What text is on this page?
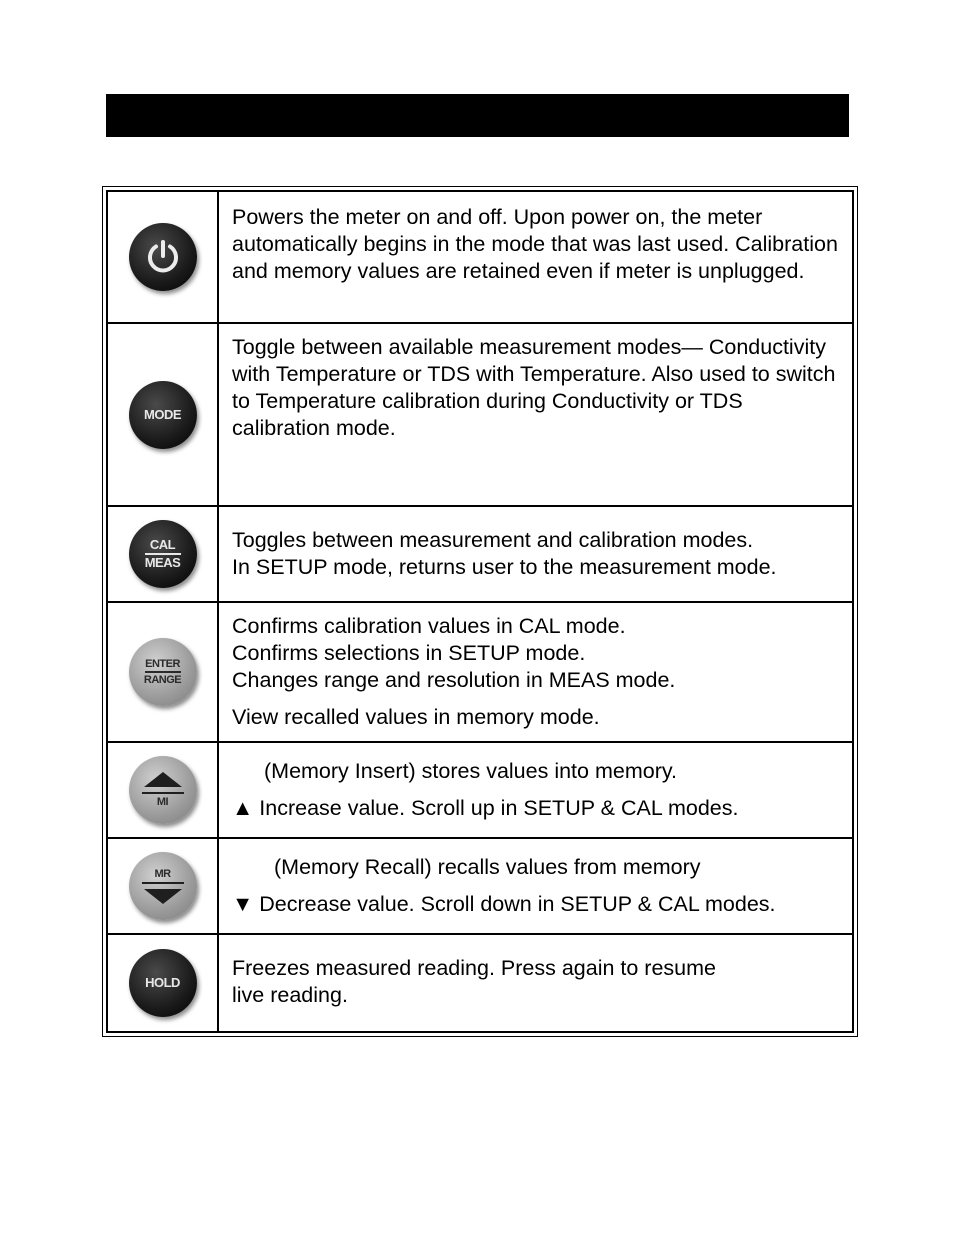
Powers the meter on and off. Upon power on, the meter automatically begins in the mode that was last used. Calibration and memory values are retained even if meter is unplugged.

MODE

Toggle between available measurement modes— Conductivity with Temperature or TDS with Temperature. Also used to switch to Temperature calibration during Conductivity or TDS calibration mode.

CAL
MEAS

Toggles between measurement and calibration modes.

In SETUP mode, returns user to the measurement mode.

ENTER
RANGE

Confirms calibration values in CAL mode.

Confirms selections in SETUP mode.

Changes range and resolution in MEAS mode.

View recalled values in memory mode.

MI

(Memory Insert) stores values into memory.

▲ Increase value. Scroll up in SETUP & CAL modes.

MR	(Memory Recall) recalls values from memory

▼ Decrease value. Scroll down in SETUP & CAL modes.

HOLD

Freezes measured reading. Press again to resume

live reading.
